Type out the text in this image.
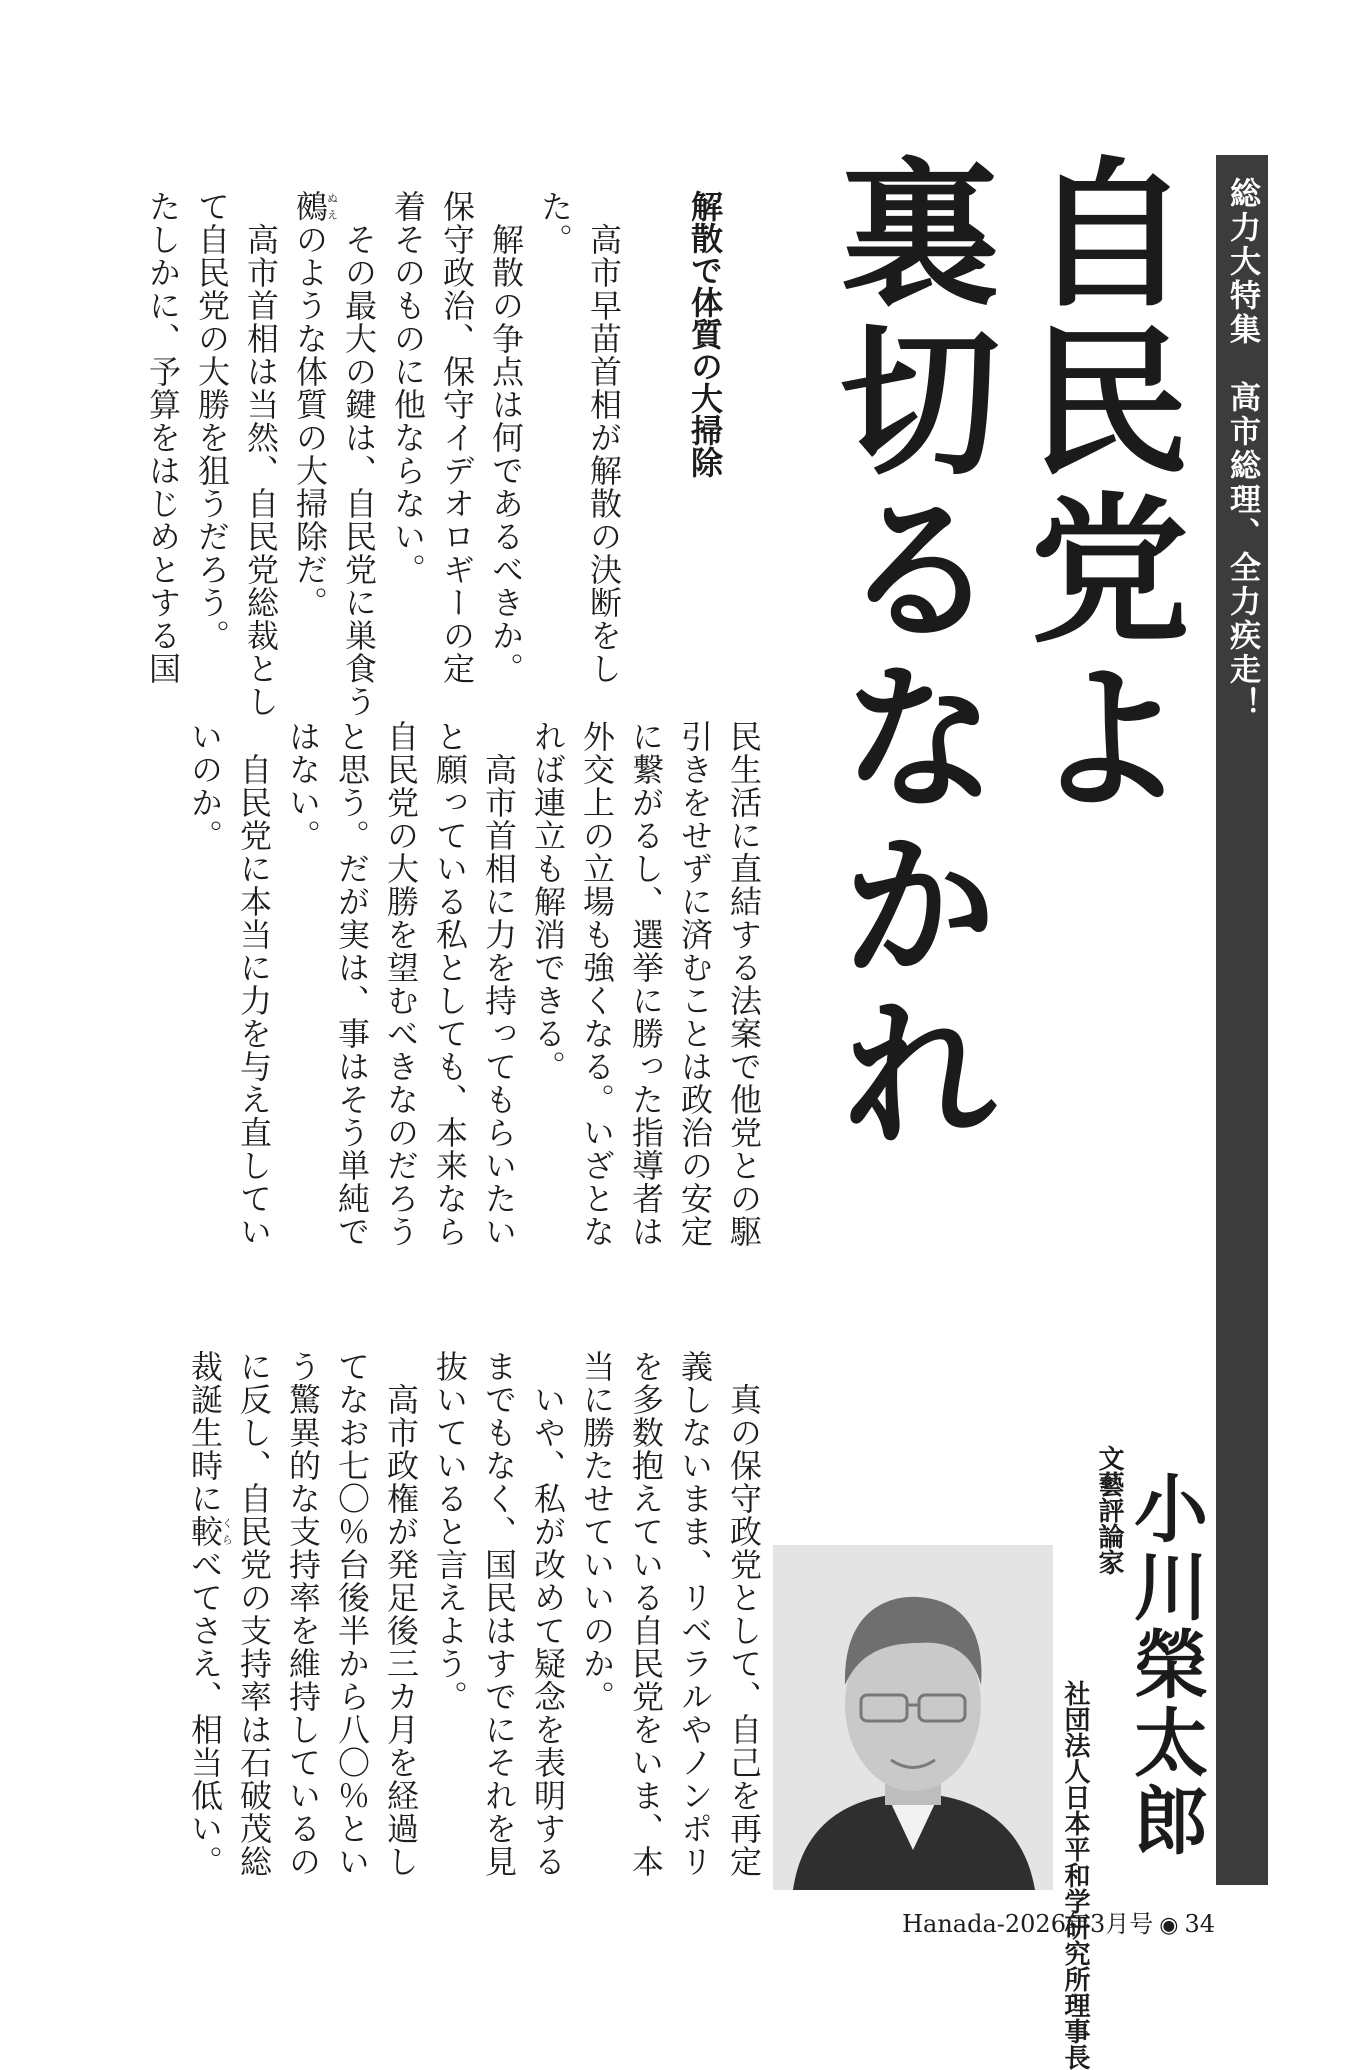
総力大特集　高市総理、全力疾走！
自民党よ
裏切るなかれ
解散で体質の大掃除
　高市早苗首相が解散の決断をし
た。
　解散の争点は何であるべきか。
保守政治、保守イデオロギーの定
着そのものに他ならない。
　その最大の鍵は、自民党に巣食う
鵺ぬえのような体質の大掃除だ。
　高市首相は当然、自民党総裁とし
て自民党の大勝を狙うだろう。
たしかに、予算をはじめとする国
民生活に直結する法案で他党との駆
引きをせずに済むことは政治の安定
に繋がるし、選挙に勝った指導者は
外交上の立場も強くなる。いざとな
れば連立も解消できる。
　高市首相に力を持ってもらいたい
と願っている私としても、本来なら
自民党の大勝を望むべきなのだろう
と思う。だが実は、事はそう単純で
はない。
　自民党に本当に力を与え直してい
いのか。
　真の保守政党として、自己を再定
義しないまま、リベラルやノンポリ
を多数抱えている自民党をいま、本
当に勝たせていいのか。
　いや、私が改めて疑念を表明する
までもなく、国民はすでにそれを見
抜いていると言えよう。
　高市政権が発足後三カ月を経過し
てなお七〇％台後半から八〇％とい
う驚異的な支持率を維持しているの
に反し、自民党の支持率は石破茂総
裁誕生時に較くらべてさえ、相当低い。	小川榮太郎
文藝評論家
社団法人日本平和学研究所理事長
Hanada-2026年3月号 ◉ 34
